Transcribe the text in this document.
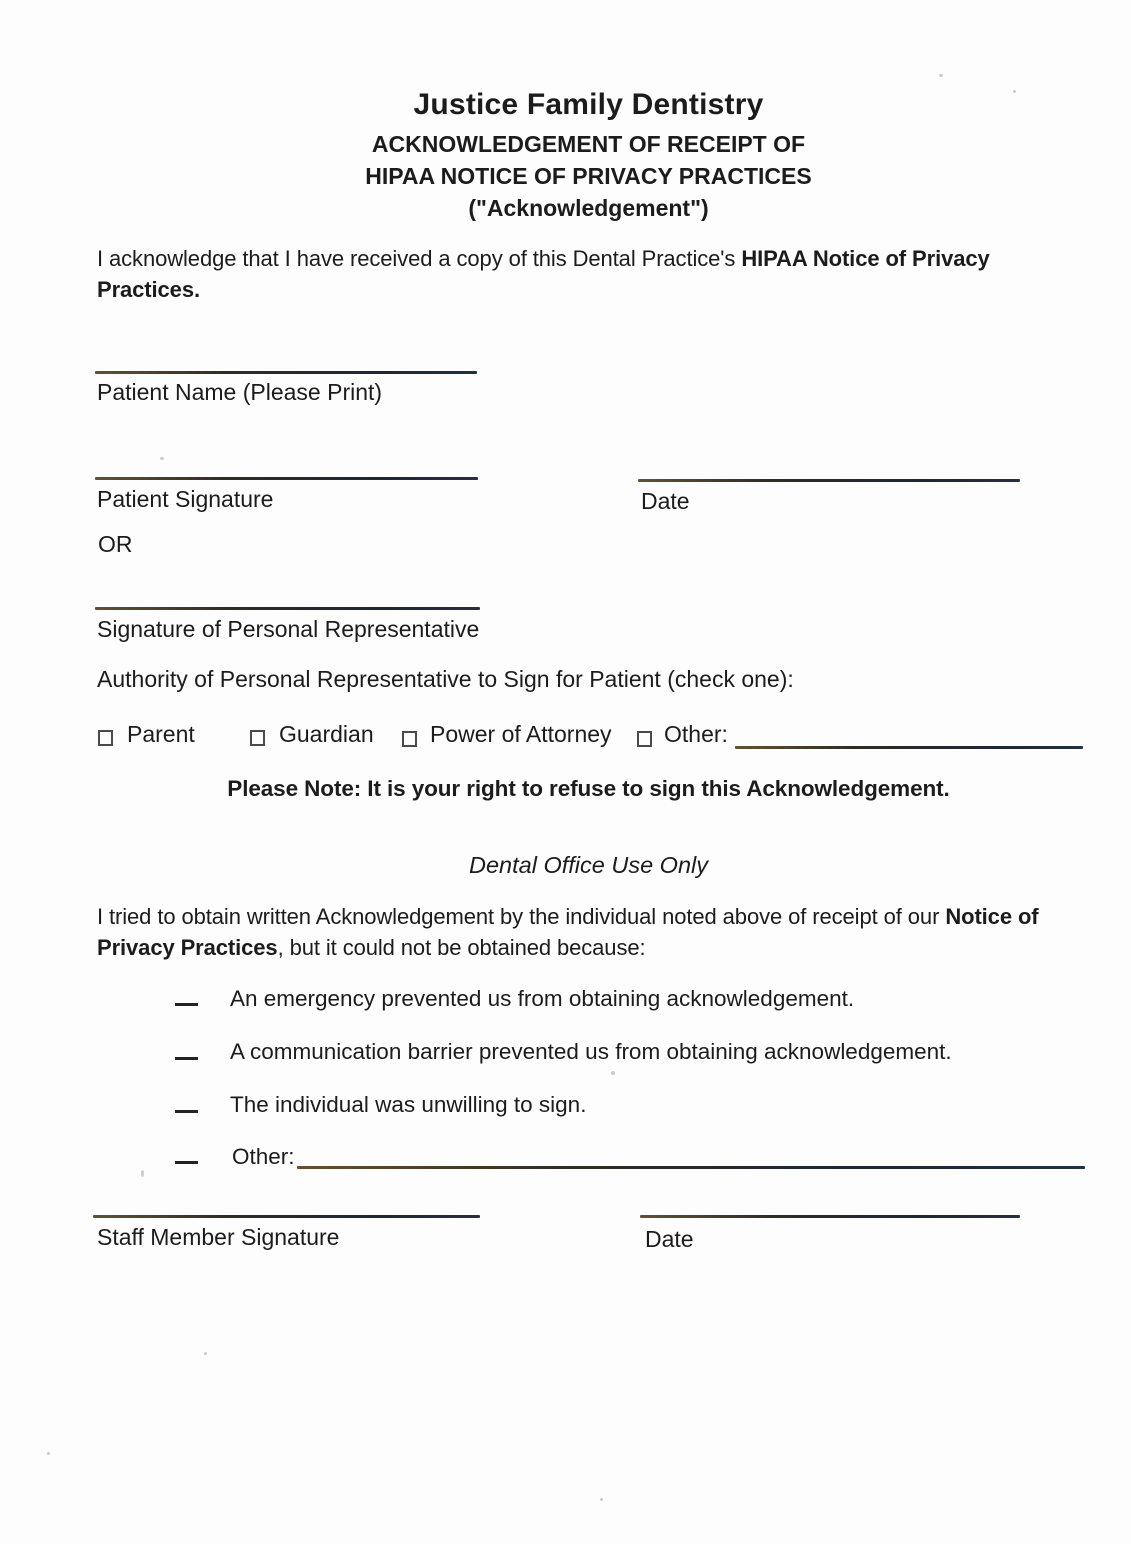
Justice Family Dentistry
ACKNOWLEDGEMENT OF RECEIPT OF
HIPAA NOTICE OF PRIVACY PRACTICES
("Acknowledgement")
I acknowledge that I have received a copy of this Dental Practice's HIPAA Notice of Privacy Practices.
Patient Name (Please Print)
Patient Signature	Date
OR
Signature of Personal Representative
Authority of Personal Representative to Sign for Patient (check one):
Parent	Guardian Power of Attorney Other:
Please Note: It is your right to refuse to sign this Acknowledgement.
Dental Office Use Only
I tried to obtain written Acknowledgement by the individual noted above of receipt of our Notice of Privacy Practices, but it could not be obtained because:
An emergency prevented us from obtaining acknowledgement.
A communication barrier prevented us from obtaining acknowledgement.
The individual was unwilling to sign.
Other:
Staff Member Signature	Date
